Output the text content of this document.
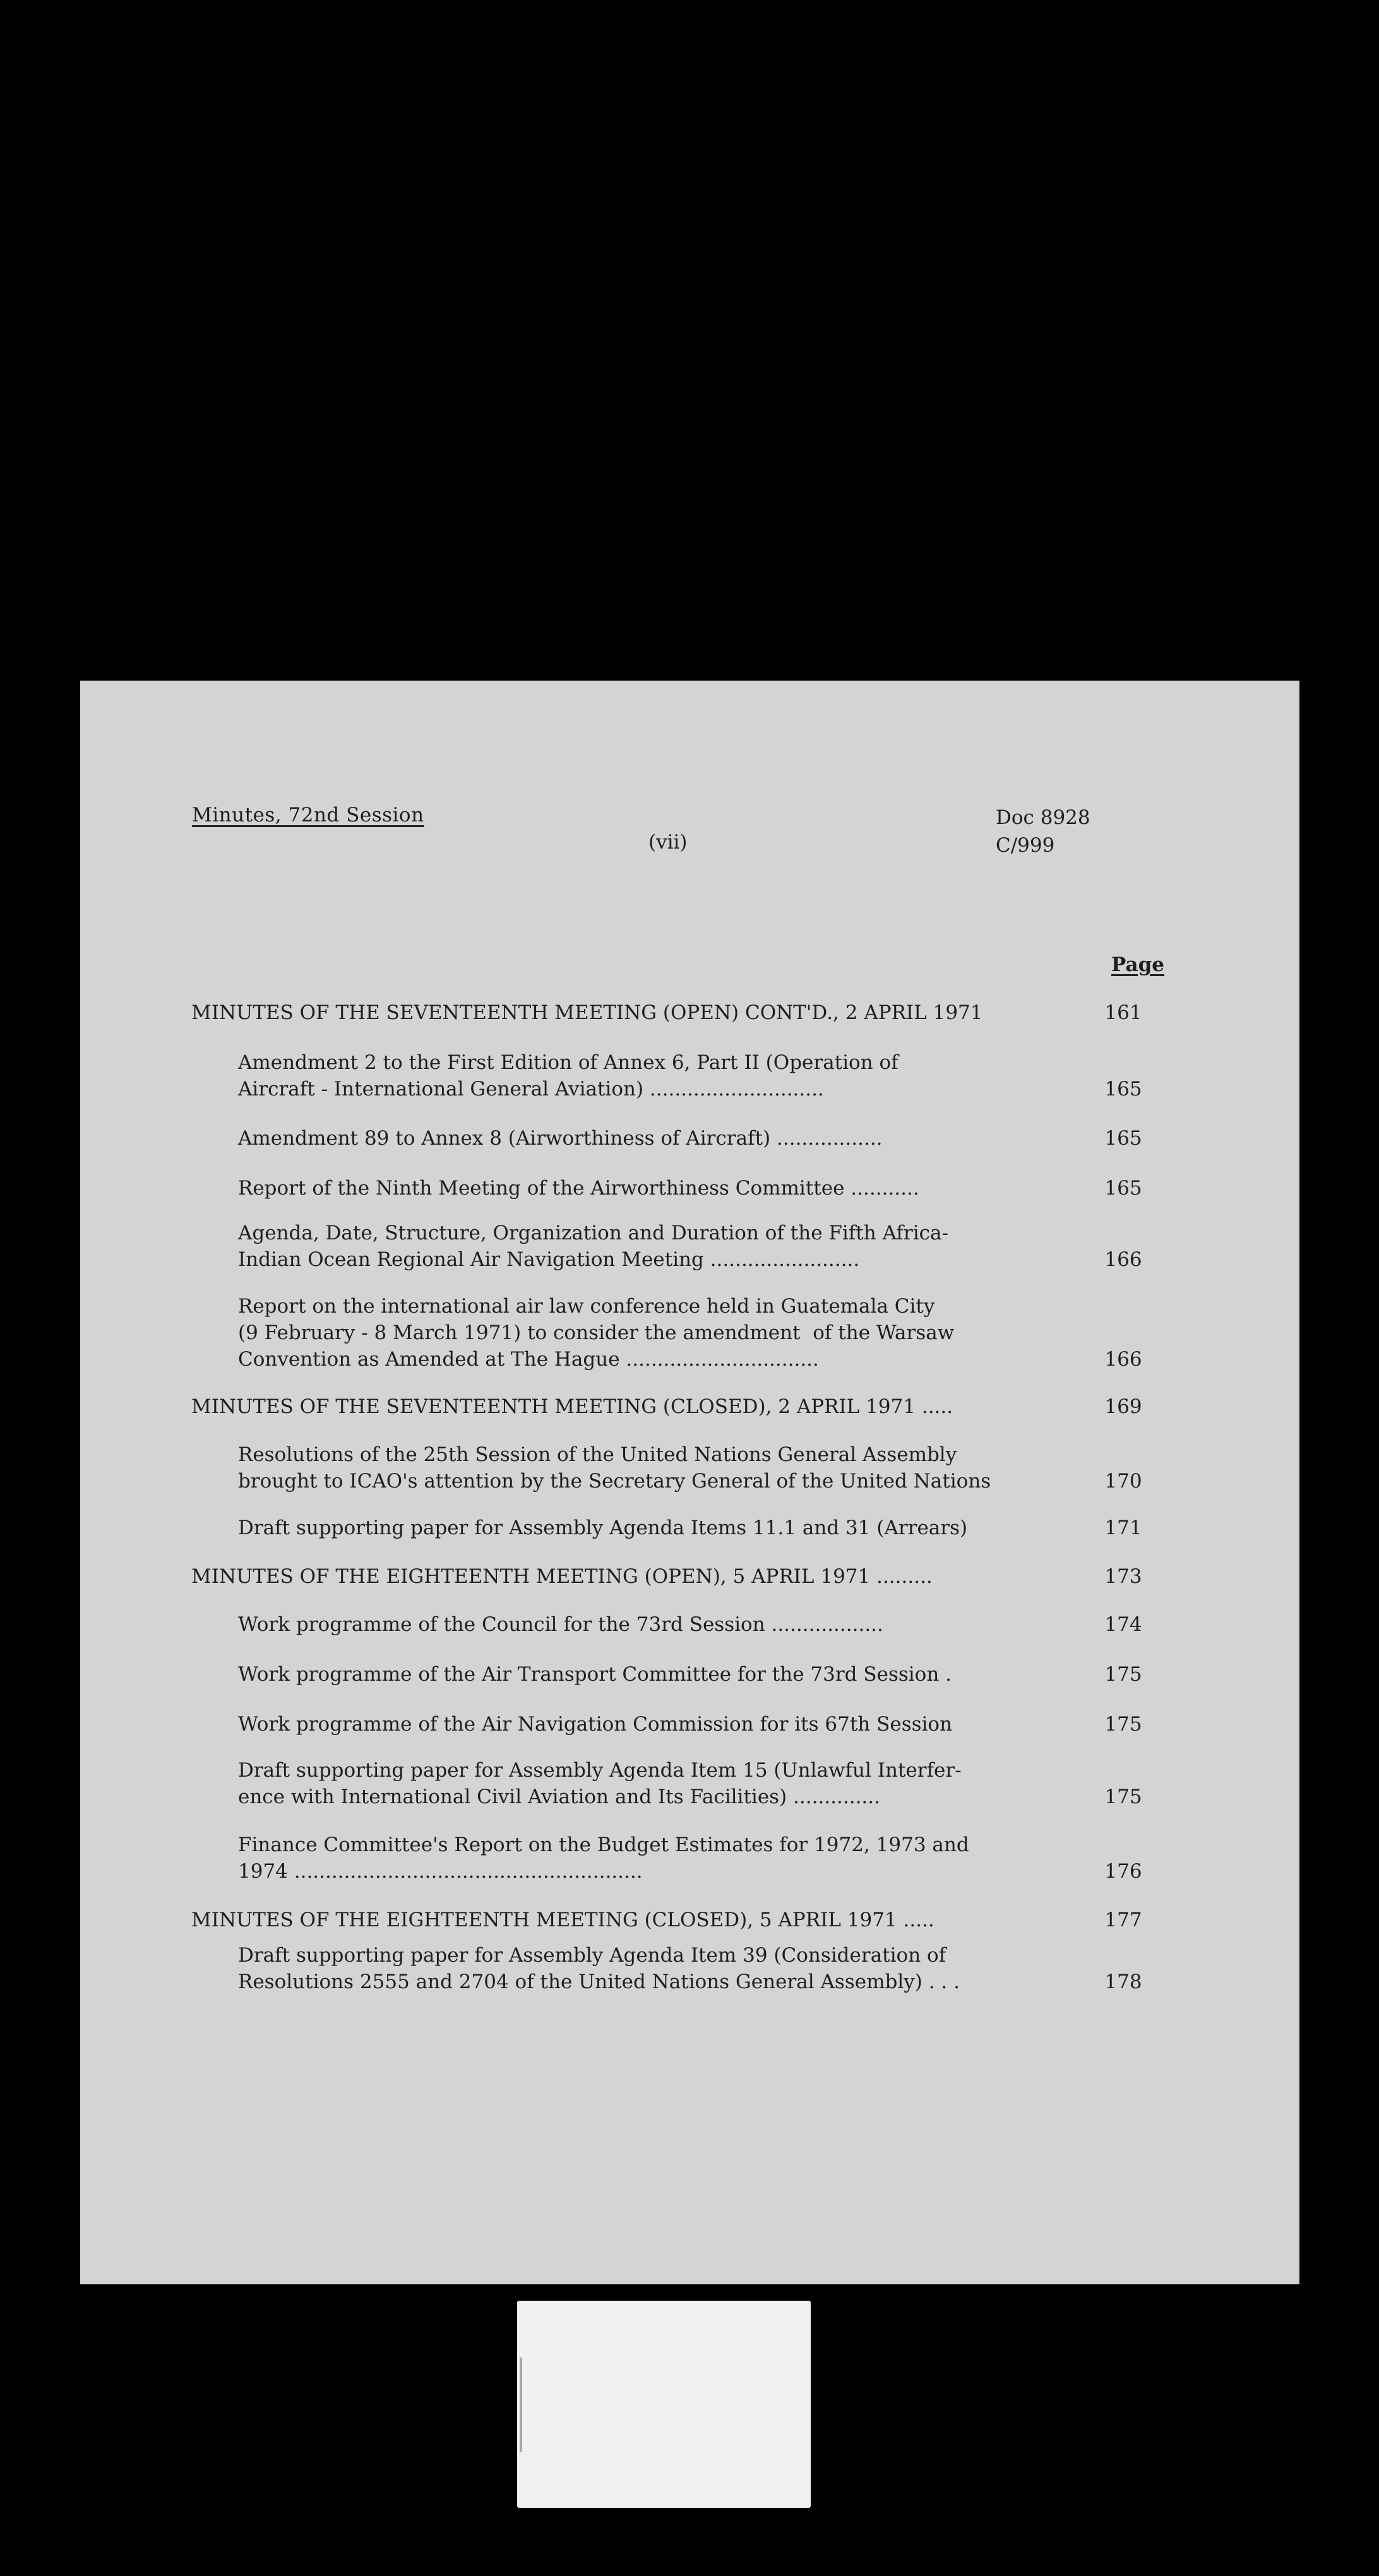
Minutes, 72nd Session
(vii)
Doc 8928
C/999
Page
MINUTES OF THE SEVENTEENTH MEETING (OPEN) CONT'D., 2 APRIL 1971	161
Amendment 2 to the First Edition of Annex 6, Part II (Operation of
Aircraft - International General Aviation) ............................	165
Amendment 89 to Annex 8 (Airworthiness of Aircraft) .................	165
Report of the Ninth Meeting of the Airworthiness Committee ...........	165
Agenda, Date, Structure, Organization and Duration of the Fifth Africa-
Indian Ocean Regional Air Navigation Meeting ........................	166
Report on the international air law conference held in Guatemala City
(9 February - 8 March 1971) to consider the amendment  of the Warsaw
Convention as Amended at The Hague ...............................	166
MINUTES OF THE SEVENTEENTH MEETING (CLOSED), 2 APRIL 1971 .....	169
Resolutions of the 25th Session of the United Nations General Assembly
brought to ICAO's attention by the Secretary General of the United Nations	170
Draft supporting paper for Assembly Agenda Items 11.1 and 31 (Arrears)	171
MINUTES OF THE EIGHTEENTH MEETING (OPEN), 5 APRIL 1971 .........	173
Work programme of the Council for the 73rd Session ..................	174
Work programme of the Air Transport Committee for the 73rd Session .	175
Work programme of the Air Navigation Commission for its 67th Session	175
Draft supporting paper for Assembly Agenda Item 15 (Unlawful Interfer-
ence with International Civil Aviation and Its Facilities) ..............	175
Finance Committee's Report on the Budget Estimates for 1972, 1973 and
1974 ........................................................	176
MINUTES OF THE EIGHTEENTH MEETING (CLOSED), 5 APRIL 1971 .....	177
Draft supporting paper for Assembly Agenda Item 39 (Consideration of
Resolutions 2555 and 2704 of the United Nations General Assembly) . . .	178
